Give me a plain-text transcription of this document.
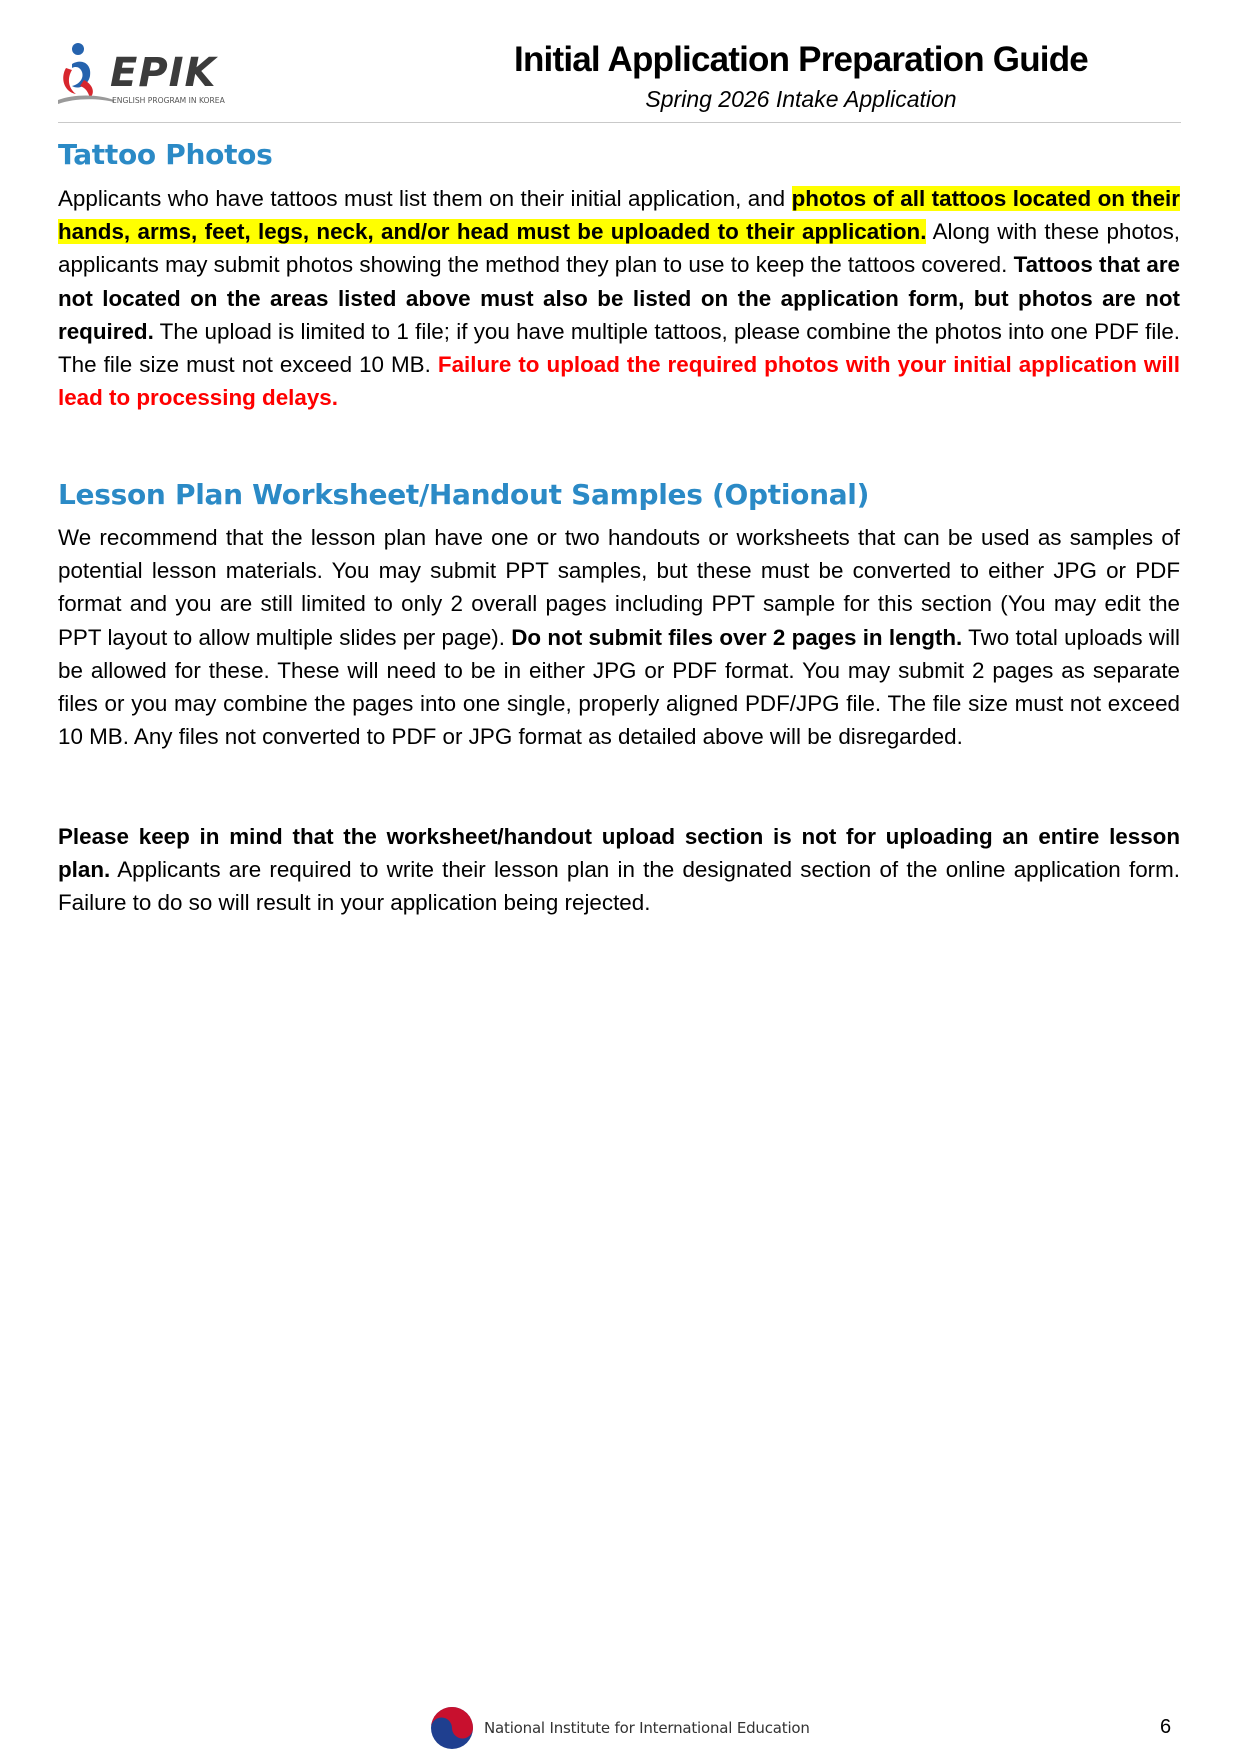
EPIK
ENGLISH PROGRAM IN KOREA
Initial Application Preparation Guide
Spring 2026 Intake Application
Tattoo Photos

Applicants who have tattoos must list them on their initial application, and photos of all tattoos located on their hands, arms, feet, legs, neck, and/or head must be uploaded to their application. Along with these photos, applicants may submit photos showing the method they plan to use to keep the tattoos covered. Tattoos that are not located on the areas listed above must also be listed on the application form, but photos are not required. The upload is limited to 1 file; if you have multiple tattoos, please combine the photos into one PDF file. The file size must not exceed 10 MB. Failure to upload the required photos with your initial application will lead to processing delays.

Lesson Plan Worksheet/Handout Samples (Optional)

We recommend that the lesson plan have one or two handouts or worksheets that can be used as samples of potential lesson materials. You may submit PPT samples, but these must be converted to either JPG or PDF format and you are still limited to only 2 overall pages including PPT sample for this section (You may edit the PPT layout to allow multiple slides per page). Do not submit files over 2 pages in length. Two total uploads will be allowed for these. These will need to be in either JPG or PDF format. You may submit 2 pages as separate files or you may combine the pages into one single, properly aligned PDF/JPG file. The file size must not exceed 10 MB. Any files not converted to PDF or JPG format as detailed above will be disregarded.

Please keep in mind that the worksheet/handout upload section is not for uploading an entire lesson plan. Applicants are required to write their lesson plan in the designated section of the online application form. Failure to do so will result in your application being rejected.

National Institute for International Education	6
